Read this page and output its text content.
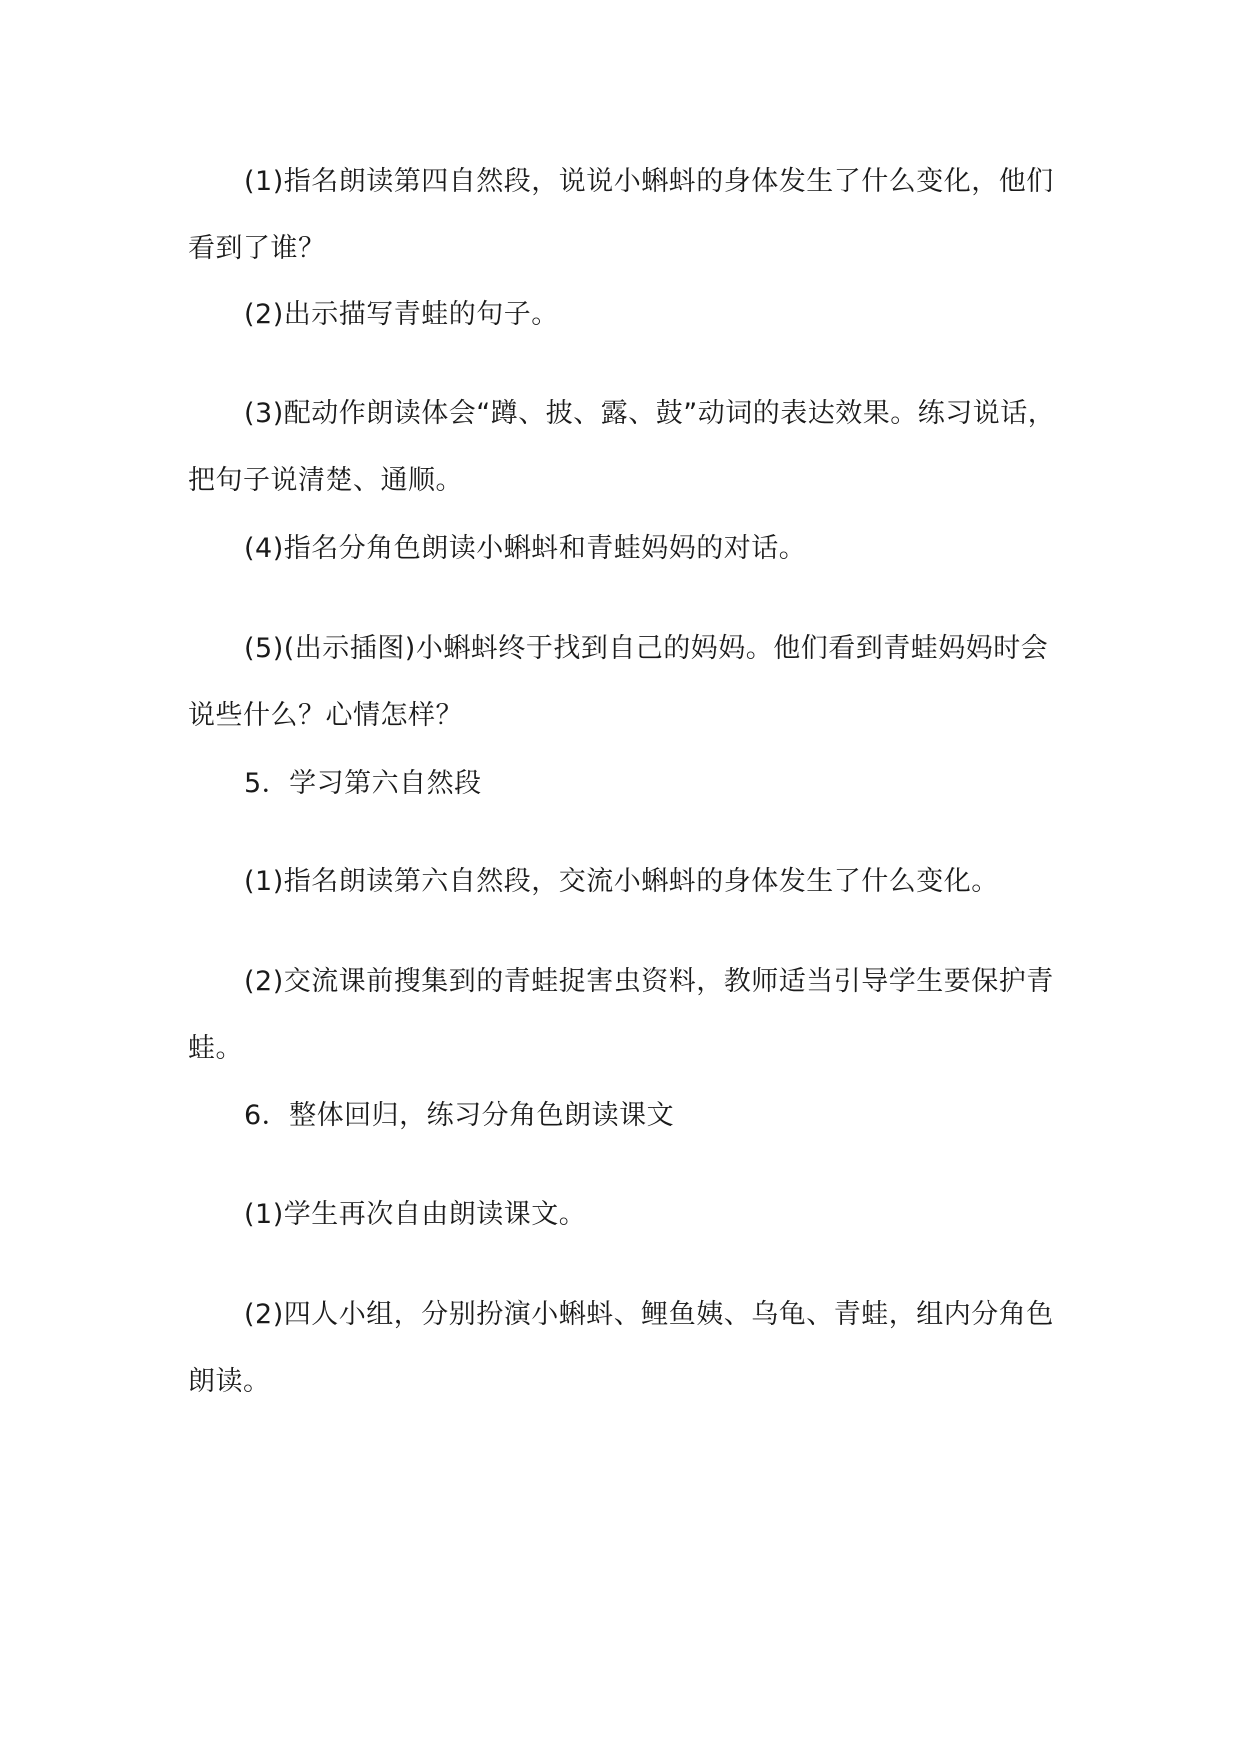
(1)指名朗读第四自然段，说说小蝌蚪的身体发生了什么变化，他们看到了谁？

(2)出示描写青蛙的句子。

(3)配动作朗读体会“蹲、披、露、鼓”动词的表达效果。练习说话，把句子说清楚、通顺。

(4)指名分角色朗读小蝌蚪和青蛙妈妈的对话。

(5)(出示插图)小蝌蚪终于找到自己的妈妈。他们看到青蛙妈妈时会说些什么？心情怎样？

5．学习第六自然段

(1)指名朗读第六自然段，交流小蝌蚪的身体发生了什么变化。

(2)交流课前搜集到的青蛙捉害虫资料，教师适当引导学生要保护青蛙。

6．整体回归，练习分角色朗读课文

(1)学生再次自由朗读课文。

(2)四人小组，分别扮演小蝌蚪、鲤鱼姨、乌龟、青蛙，组内分角色朗读。
